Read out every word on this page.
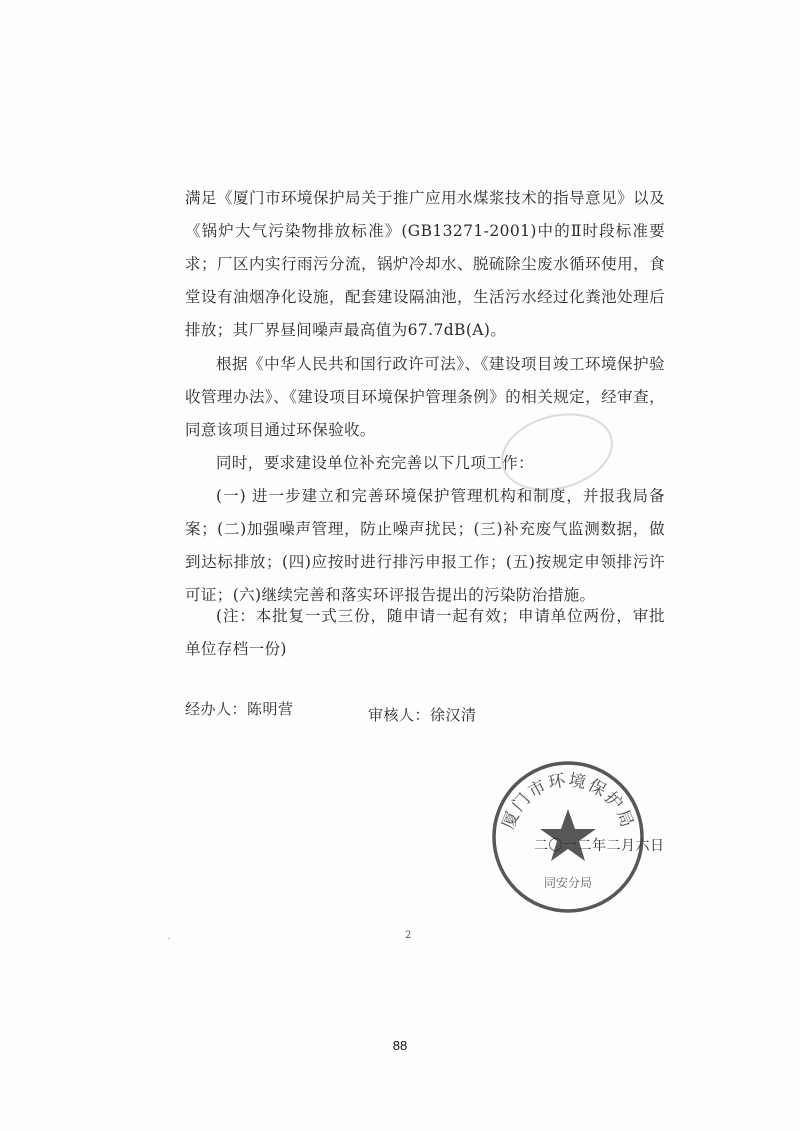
满足《厦门市环境保护局关于推广应用水煤浆技术的指导意见》以及《锅炉大气污染物排放标准》(GB13271-2001)中的Ⅱ时段标准要求；厂区内实行雨污分流，锅炉冷却水、脱硫除尘废水循环使用，食堂设有油烟净化设施，配套建设隔油池，生活污水经过化粪池处理后排放；其厂界昼间噪声最高值为67.7dB(A)。

根据《中华人民共和国行政许可法》、《建设项目竣工环境保护验收管理办法》、《建设项目环境保护管理条例》的相关规定，经审查，同意该项目通过环保验收。

同时，要求建设单位补充完善以下几项工作：

(一) 进一步建立和完善环境保护管理机构和制度，并报我局备案；(二)加强噪声管理，防止噪声扰民；(三)补充废气监测数据，做到达标排放；(四)应按时进行排污申报工作；(五)按规定申领排污许可证；(六)继续完善和落实环评报告提出的污染防治措施。

(注：本批复一式三份，随申请一起有效；申请单位两份，审批单位存档一份)

经办人：陈明营	审核人：徐汉清
厦门市环境保护局
同安分局
二〇一二年二月六日
ˊ
2
88
